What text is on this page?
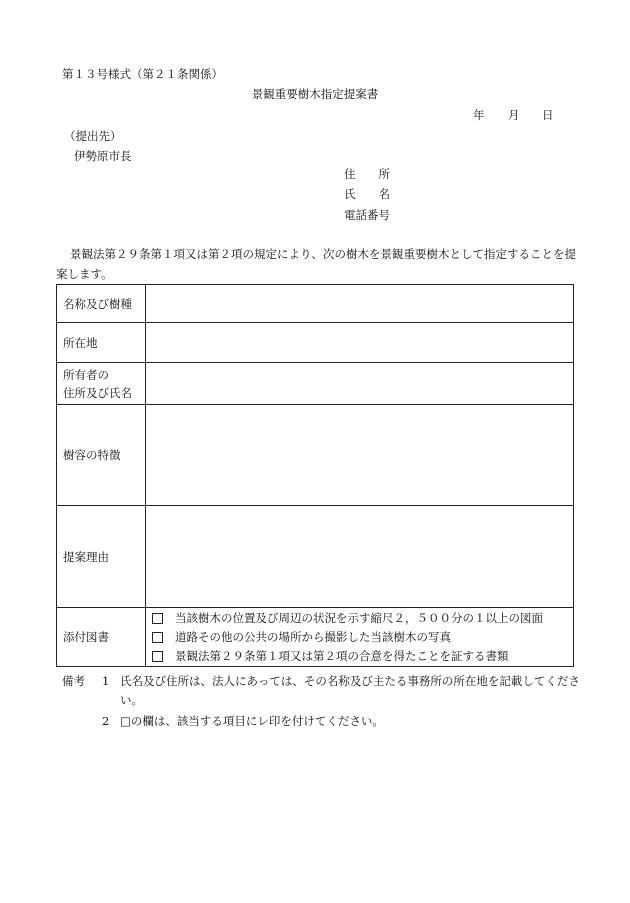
第１３号様式（第２１条関係）
景観重要樹木指定提案書
年 月 日
（提出先）
伊勢原市長
住　　所
氏　　名
電話番号
景観法第２９条第１項又は第２項の規定により、次の樹木を景観重要樹木として指定することを提案します。
名称及び樹種	
所在地	

所有者の
住所及び氏名	

樹容の特徴	
提案理由	
添付図書	当該樹木の位置及び周辺の状況を示す縮尺２，５００分の１以上の図面
道路その他の公共の場所から撮影した当該樹木の写真
景観法第２９条第１項又は第２項の合意を得たことを証する書類
備考 1 氏名及び住所は、法人にあっては、その名称及び主たる事務所の所在地を記載してください。
2 □の欄は、該当する項目にレ印を付けてください。
